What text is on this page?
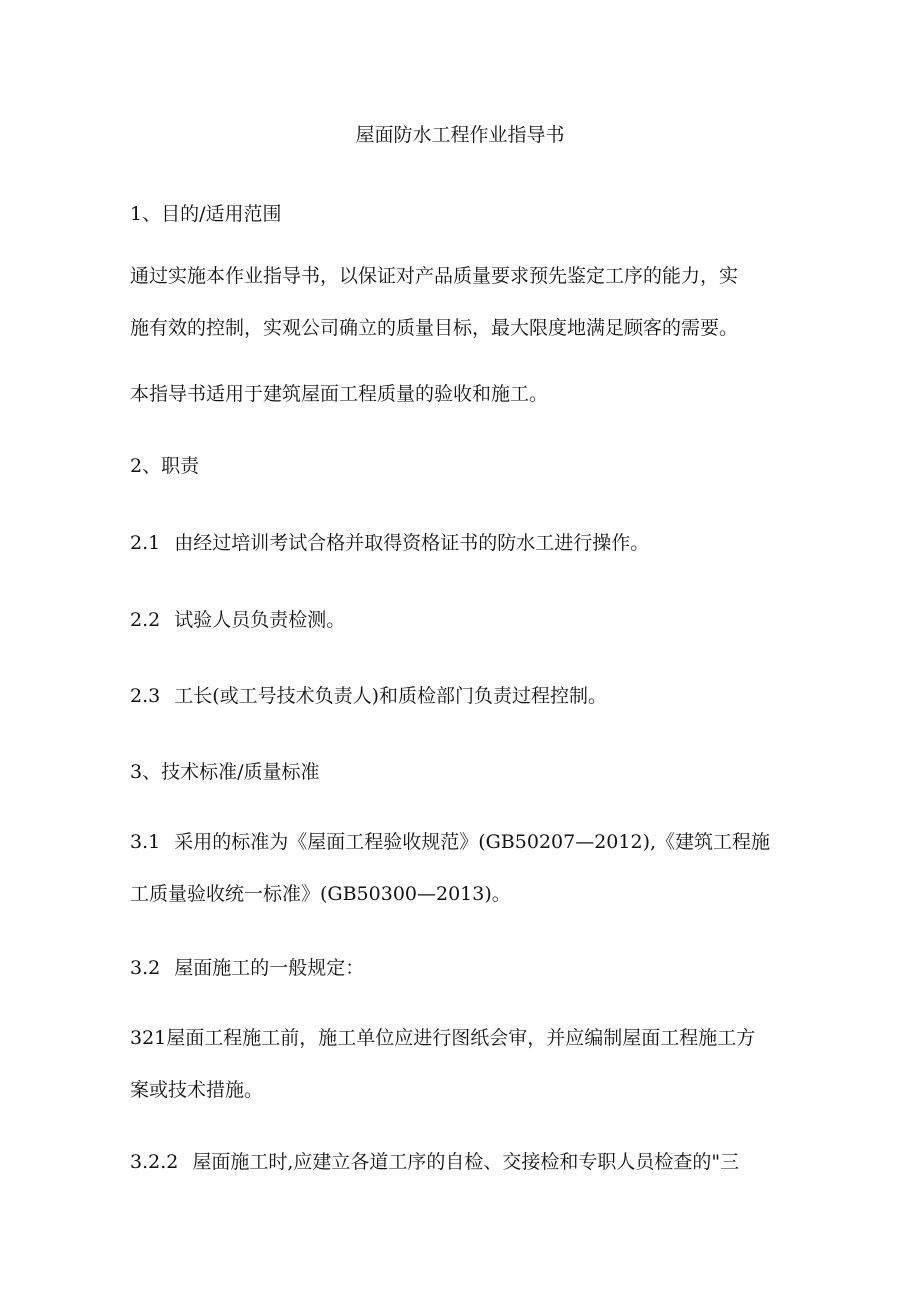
屋面防水工程作业指导书

1、目的/适用范围

通过实施本作业指导书，以保证对产品质量要求预先鉴定工序的能力，实
施有效的控制，实观公司确立的质量目标，最大限度地满足顾客的需要。

本指导书适用于建筑屋面工程质量的验收和施工。

2、职责

2.1 由经过培训考试合格并取得资格证书的防水工进行操作。

2.2 试验人员负责检测。

2.3 工长(或工号技术负责人)和质检部门负责过程控制。

3、技术标准/质量标准

3.1 采用的标准为《屋面工程验收规范》(GB50207—2012),《建筑工程施
工质量验收统一标准》(GB50300—2013)。

3.2 屋面施工的一般规定：

321屋面工程施工前，施工单位应进行图纸会审，并应编制屋面工程施工方
案或技术措施。

3.2.2 屋面施工时,应建立各道工序的自检、交接检和专职人员检查的"三
